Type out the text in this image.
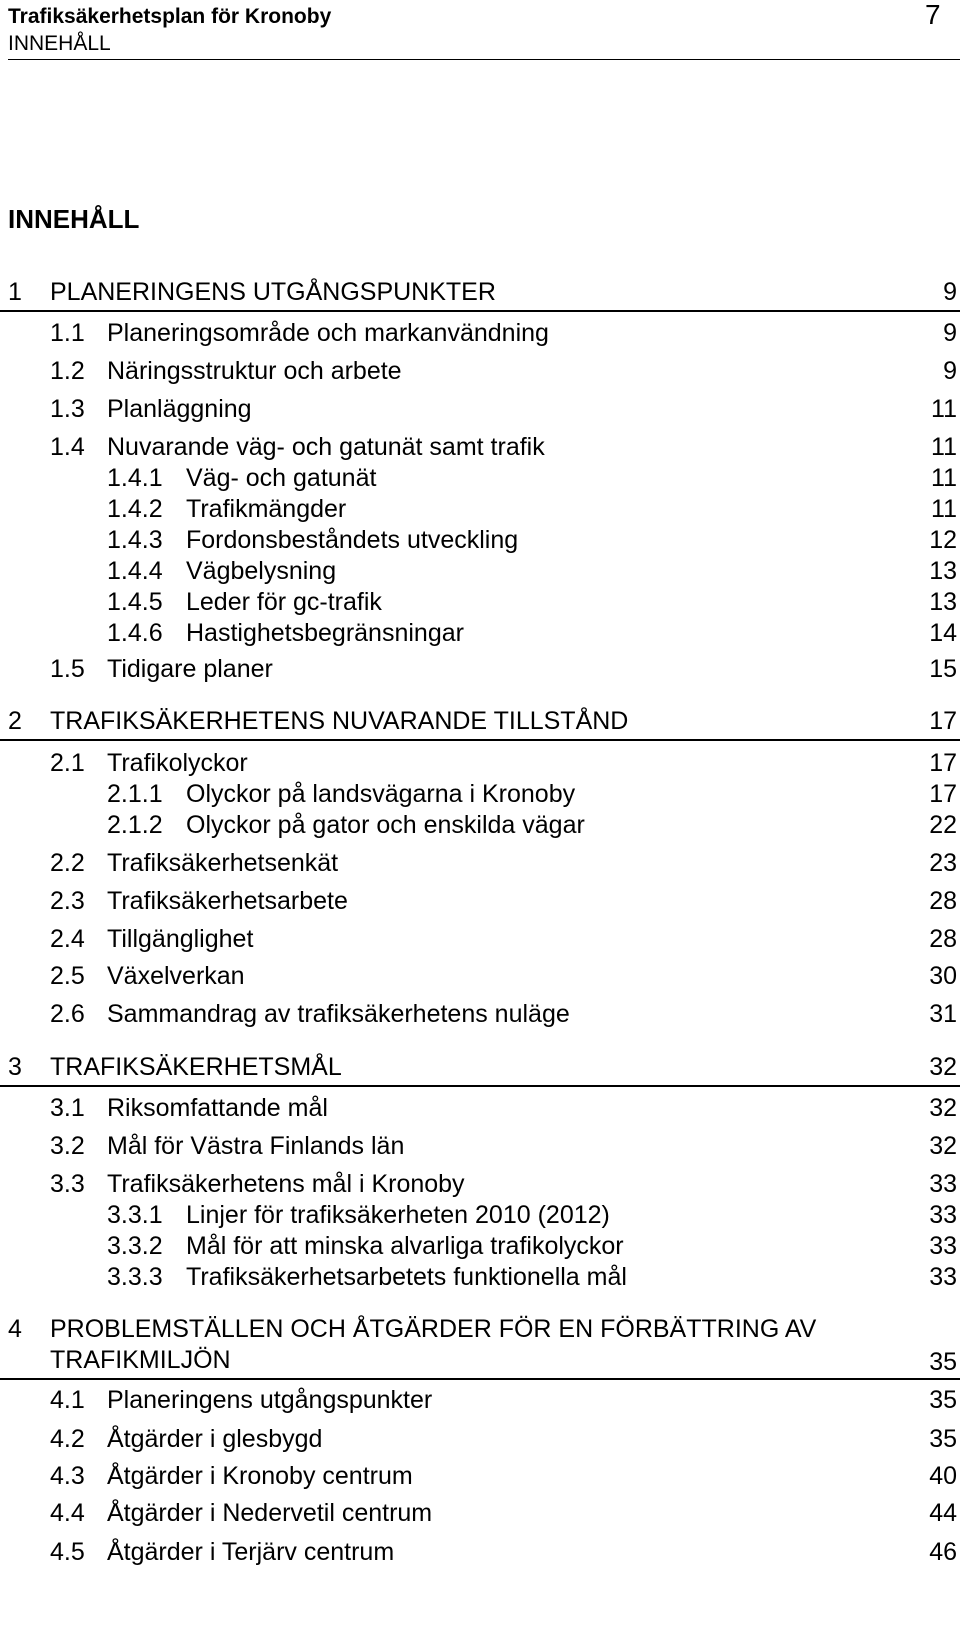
Trafiksäkerhetsplan för Kronoby
INNEHÅLL
7
INNEHÅLL
1 PLANERINGENS UTGÅNGSPUNKTER	9
1.1 Planeringsområde och markanvändning	9
1.2 Näringsstruktur och arbete	9
1.3 Planläggning	11
1.4 Nuvarande väg- och gatunät samt trafik	11
1.4.1 Väg- och gatunät	11
1.4.2 Trafikmängder	11
1.4.3 Fordonsbeståndets utveckling	12
1.4.4 Vägbelysning	13
1.4.5 Leder för gc-trafik	13
1.4.6 Hastighetsbegränsningar	14
1.5 Tidigare planer	15
2 TRAFIKSÄKERHETENS NUVARANDE TILLSTÅND	17
2.1 Trafikolyckor	17
2.1.1 Olyckor på landsvägarna i Kronoby	17
2.1.2 Olyckor på gator och enskilda vägar	22
2.2 Trafiksäkerhetsenkät	23
2.3 Trafiksäkerhetsarbete	28
2.4 Tillgänglighet	28
2.5 Växelverkan	30
2.6 Sammandrag av trafiksäkerhetens nuläge	31
3 TRAFIKSÄKERHETSMÅL	32
3.1 Riksomfattande mål	32
3.2 Mål för Västra Finlands län	32
3.3 Trafiksäkerhetens mål i Kronoby	33
3.3.1 Linjer för trafiksäkerheten 2010 (2012)	33
3.3.2 Mål för att minska alvarliga trafikolyckor	33
3.3.3 Trafiksäkerhetsarbetets funktionella mål	33
4 PROBLEMSTÄLLEN OCH ÅTGÄRDER FÖR EN FÖRBÄTTRING AV TRAFIKMILJÖN	35
4.1 Planeringens utgångspunkter	35
4.2 Åtgärder i glesbygd	35
4.3 Åtgärder i Kronoby centrum	40
4.4 Åtgärder i Nedervetil centrum	44
4.5 Åtgärder i Terjärv centrum	46
